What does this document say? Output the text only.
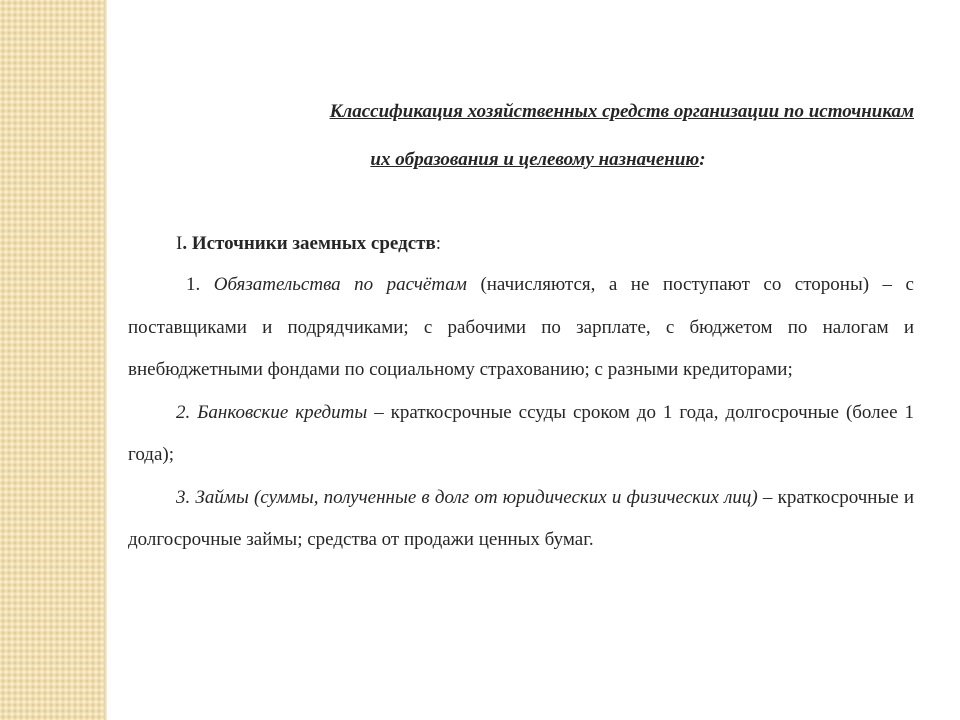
Классификация хозяйственных средств организации по источникам
их образования и целевому назначению:

I. Источники заемных средств:

1. Обязательства по расчётам (начисляются, а не поступают со стороны) – с поставщиками и подрядчиками; с рабочими по зарплате, с бюджетом по налогам и внебюджетными фондами по социальному страхованию; с разными кредиторами;

2. Банковские кредиты – краткосрочные ссуды сроком до 1 года, долгосрочные (более 1 года);

3. Займы (суммы, полученные в долг от юридических и физических лиц) – краткосрочные и долгосрочные займы; средства от продажи ценных бумаг.
